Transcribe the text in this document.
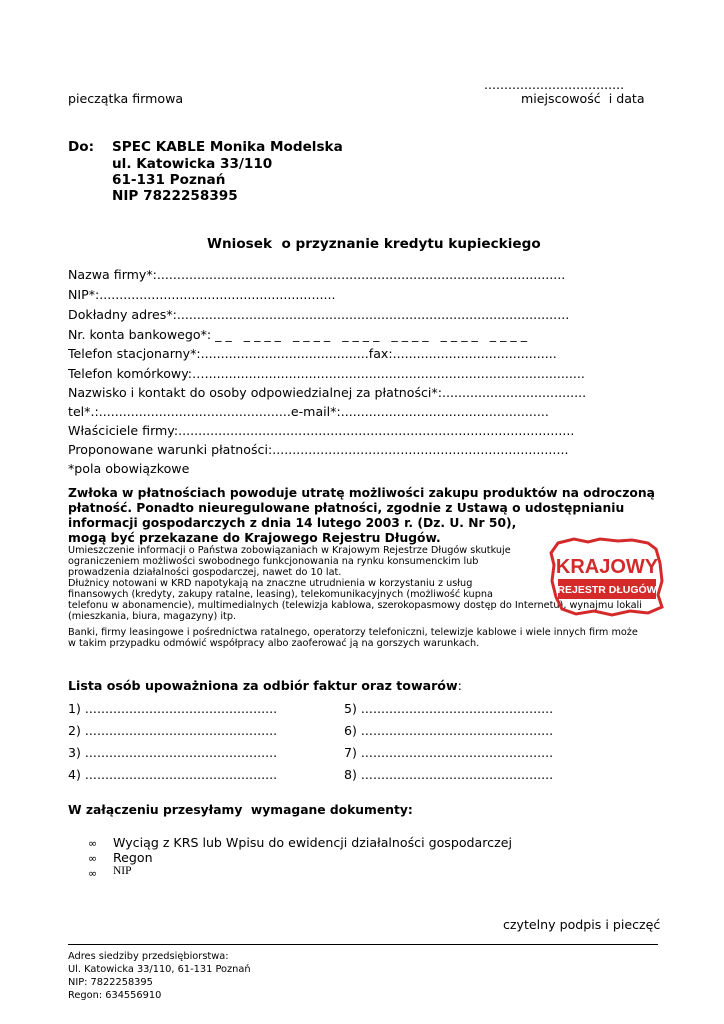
...................................
pieczątka firmowa	miejscowość  i data
Do: SPEC KABLE Monika Modelska
ul. Katowicka 33/110
61-131 Poznań
NIP 7822258395
Wniosek  o przyznanie kredytu kupieckiego
Nazwa firmy*:......................................................................................................
NIP*:...........................................................
Dokładny adres*:..................................................................................................
Nr. konta bankowego*: _ _   _ _ _ _   _ _ _ _   _ _ _ _   _ _ _ _   _ _ _ _   _ _ _ _
Telefon stacjonarny*:..........................................fax:.........................................
Telefon komórkowy:…...............................................................................................
Nazwisko i kontakt do osoby odpowiedzialnej za płatności*:....................................
tel*.:................................................e-mail*:....................................................
Właściciele firmy:...................................................................................................
Proponowane warunki płatności:..........................................................................
*pola obowiązkowe
Zwłoka w płatnościach powoduje utratę możliwości zakupu produktów na odroczoną
płatność. Ponadto nieuregulowane płatności, zgodnie z Ustawą o udostępnianiu
informacji gospodarczych z dnia 14 lutego 2003 r. (Dz. U. Nr 50),
mogą być przekazane do Krajowego Rejestru Długów.
Umieszczenie informacji o Państwa zobowiązaniach w Krajowym Rejestrze Długów skutkuje
ograniczeniem możliwości swobodnego funkcjonowania na rynku konsumenckim lub
prowadzenia działalności gospodarczej, nawet do 10 lat.
Dłużnicy notowani w KRD napotykają na znaczne utrudnienia w korzystaniu z usług
finansowych (kredyty, zakupy ratalne, leasing), telekomunikacyjnych (możliwość kupna
telefonu w abonamencie), multimedialnych (telewizja kablowa, szerokopasmowy dostęp do Internetu), wynajmu lokali
(mieszkania, biura, magazyny) itp.
Banki, firmy leasingowe i pośrednictwa ratalnego, operatorzy telefoniczni, telewizje kablowe i wiele innych firm może
w takim przypadku odmówić współpracy albo zaoferować ją na gorszych warunkach.

KRAJOWY
REJESTR DŁUGÓW

Lista osób upoważniona za odbiór faktur oraz towarów:
1) ................................................
2) ................................................
3) ................................................
4) ................................................
5) ................................................
6) ................................................
7) ................................................
8) ................................................
W załączeniu przesyłamy  wymagane dokumenty:
∞ Wyciąg z KRS lub Wpisu do ewidencji działalności gospodarczej
∞ Regon
∞ NIP
czytelny podpis i pieczęć
Adres siedziby przedsiębiorstwa:
Ul. Katowicka 33/110, 61-131 Poznań
NIP: 7822258395
Regon: 634556910
